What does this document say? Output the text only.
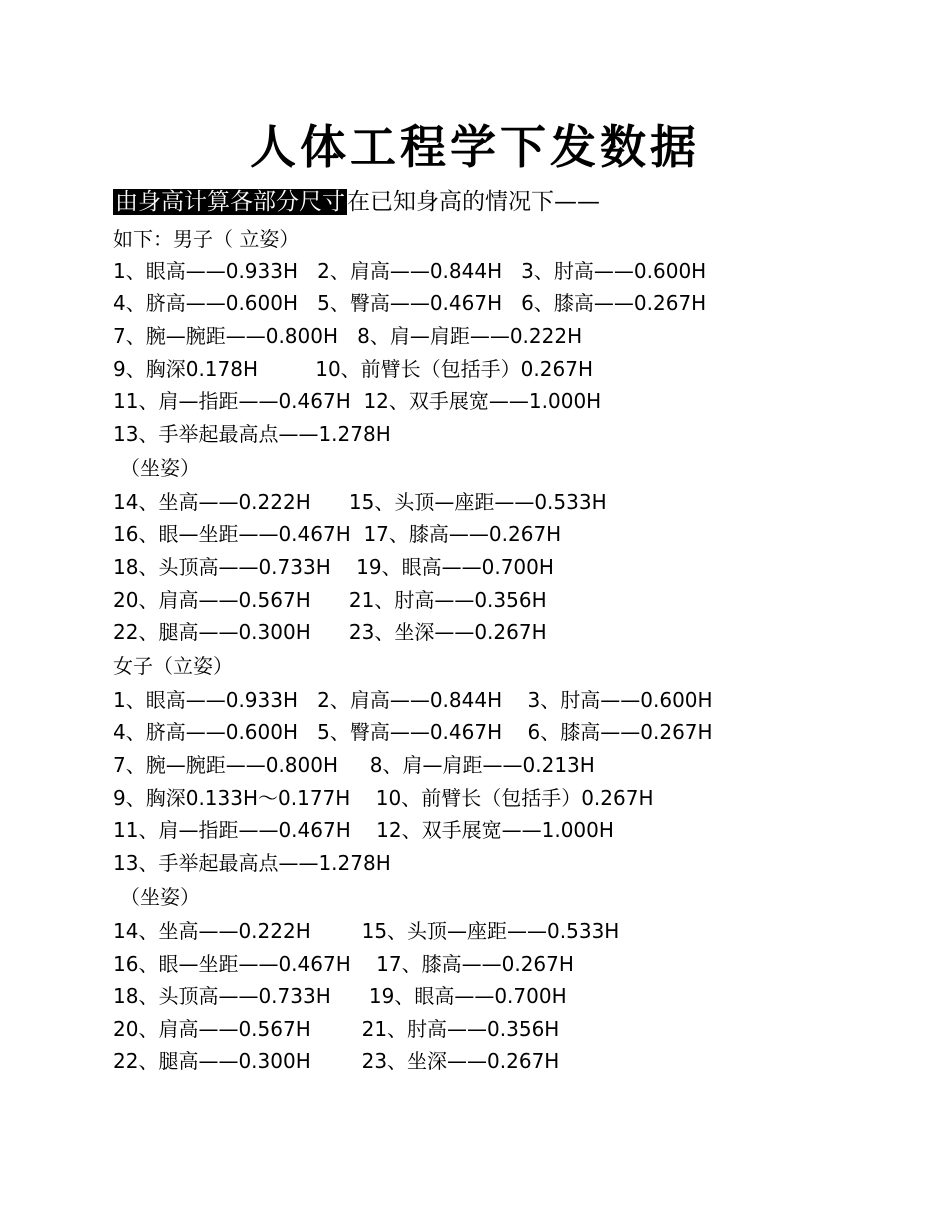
人体工程学下发数据
由身高计算各部分尺寸在已知身高的情况下——
如下：男子（ 立姿）
1、眼高——0.933H   2、肩高——0.844H   3、肘高——0.600H
4、脐高——0.600H   5、臀高——0.467H   6、膝高——0.267H
7、腕—腕距——0.800H   8、肩—肩距——0.222H
9、胸深0.178H         10、前臂长（包括手）0.267H
11、肩—指距——0.467H  12、双手展宽——1.000H
13、手举起最高点——1.278H
（坐姿）
14、坐高——0.222H      15、头顶—座距——0.533H
16、眼—坐距——0.467H  17、膝高——0.267H
18、头顶高——0.733H    19、眼高——0.700H
20、肩高——0.567H      21、肘高——0.356H
22、腿高——0.300H      23、坐深——0.267H
女子（立姿）
1、眼高——0.933H   2、肩高——0.844H    3、肘高——0.600H
4、脐高——0.600H   5、臀高——0.467H    6、膝高——0.267H
7、腕—腕距——0.800H     8、肩—肩距——0.213H
9、胸深0.133H～0.177H    10、前臂长（包括手）0.267H
11、肩—指距——0.467H    12、双手展宽——1.000H
13、手举起最高点——1.278H
（坐姿）
14、坐高——0.222H        15、头顶—座距——0.533H
16、眼—坐距——0.467H    17、膝高——0.267H
18、头顶高——0.733H      19、眼高——0.700H
20、肩高——0.567H        21、肘高——0.356H
22、腿高——0.300H        23、坐深——0.267H
